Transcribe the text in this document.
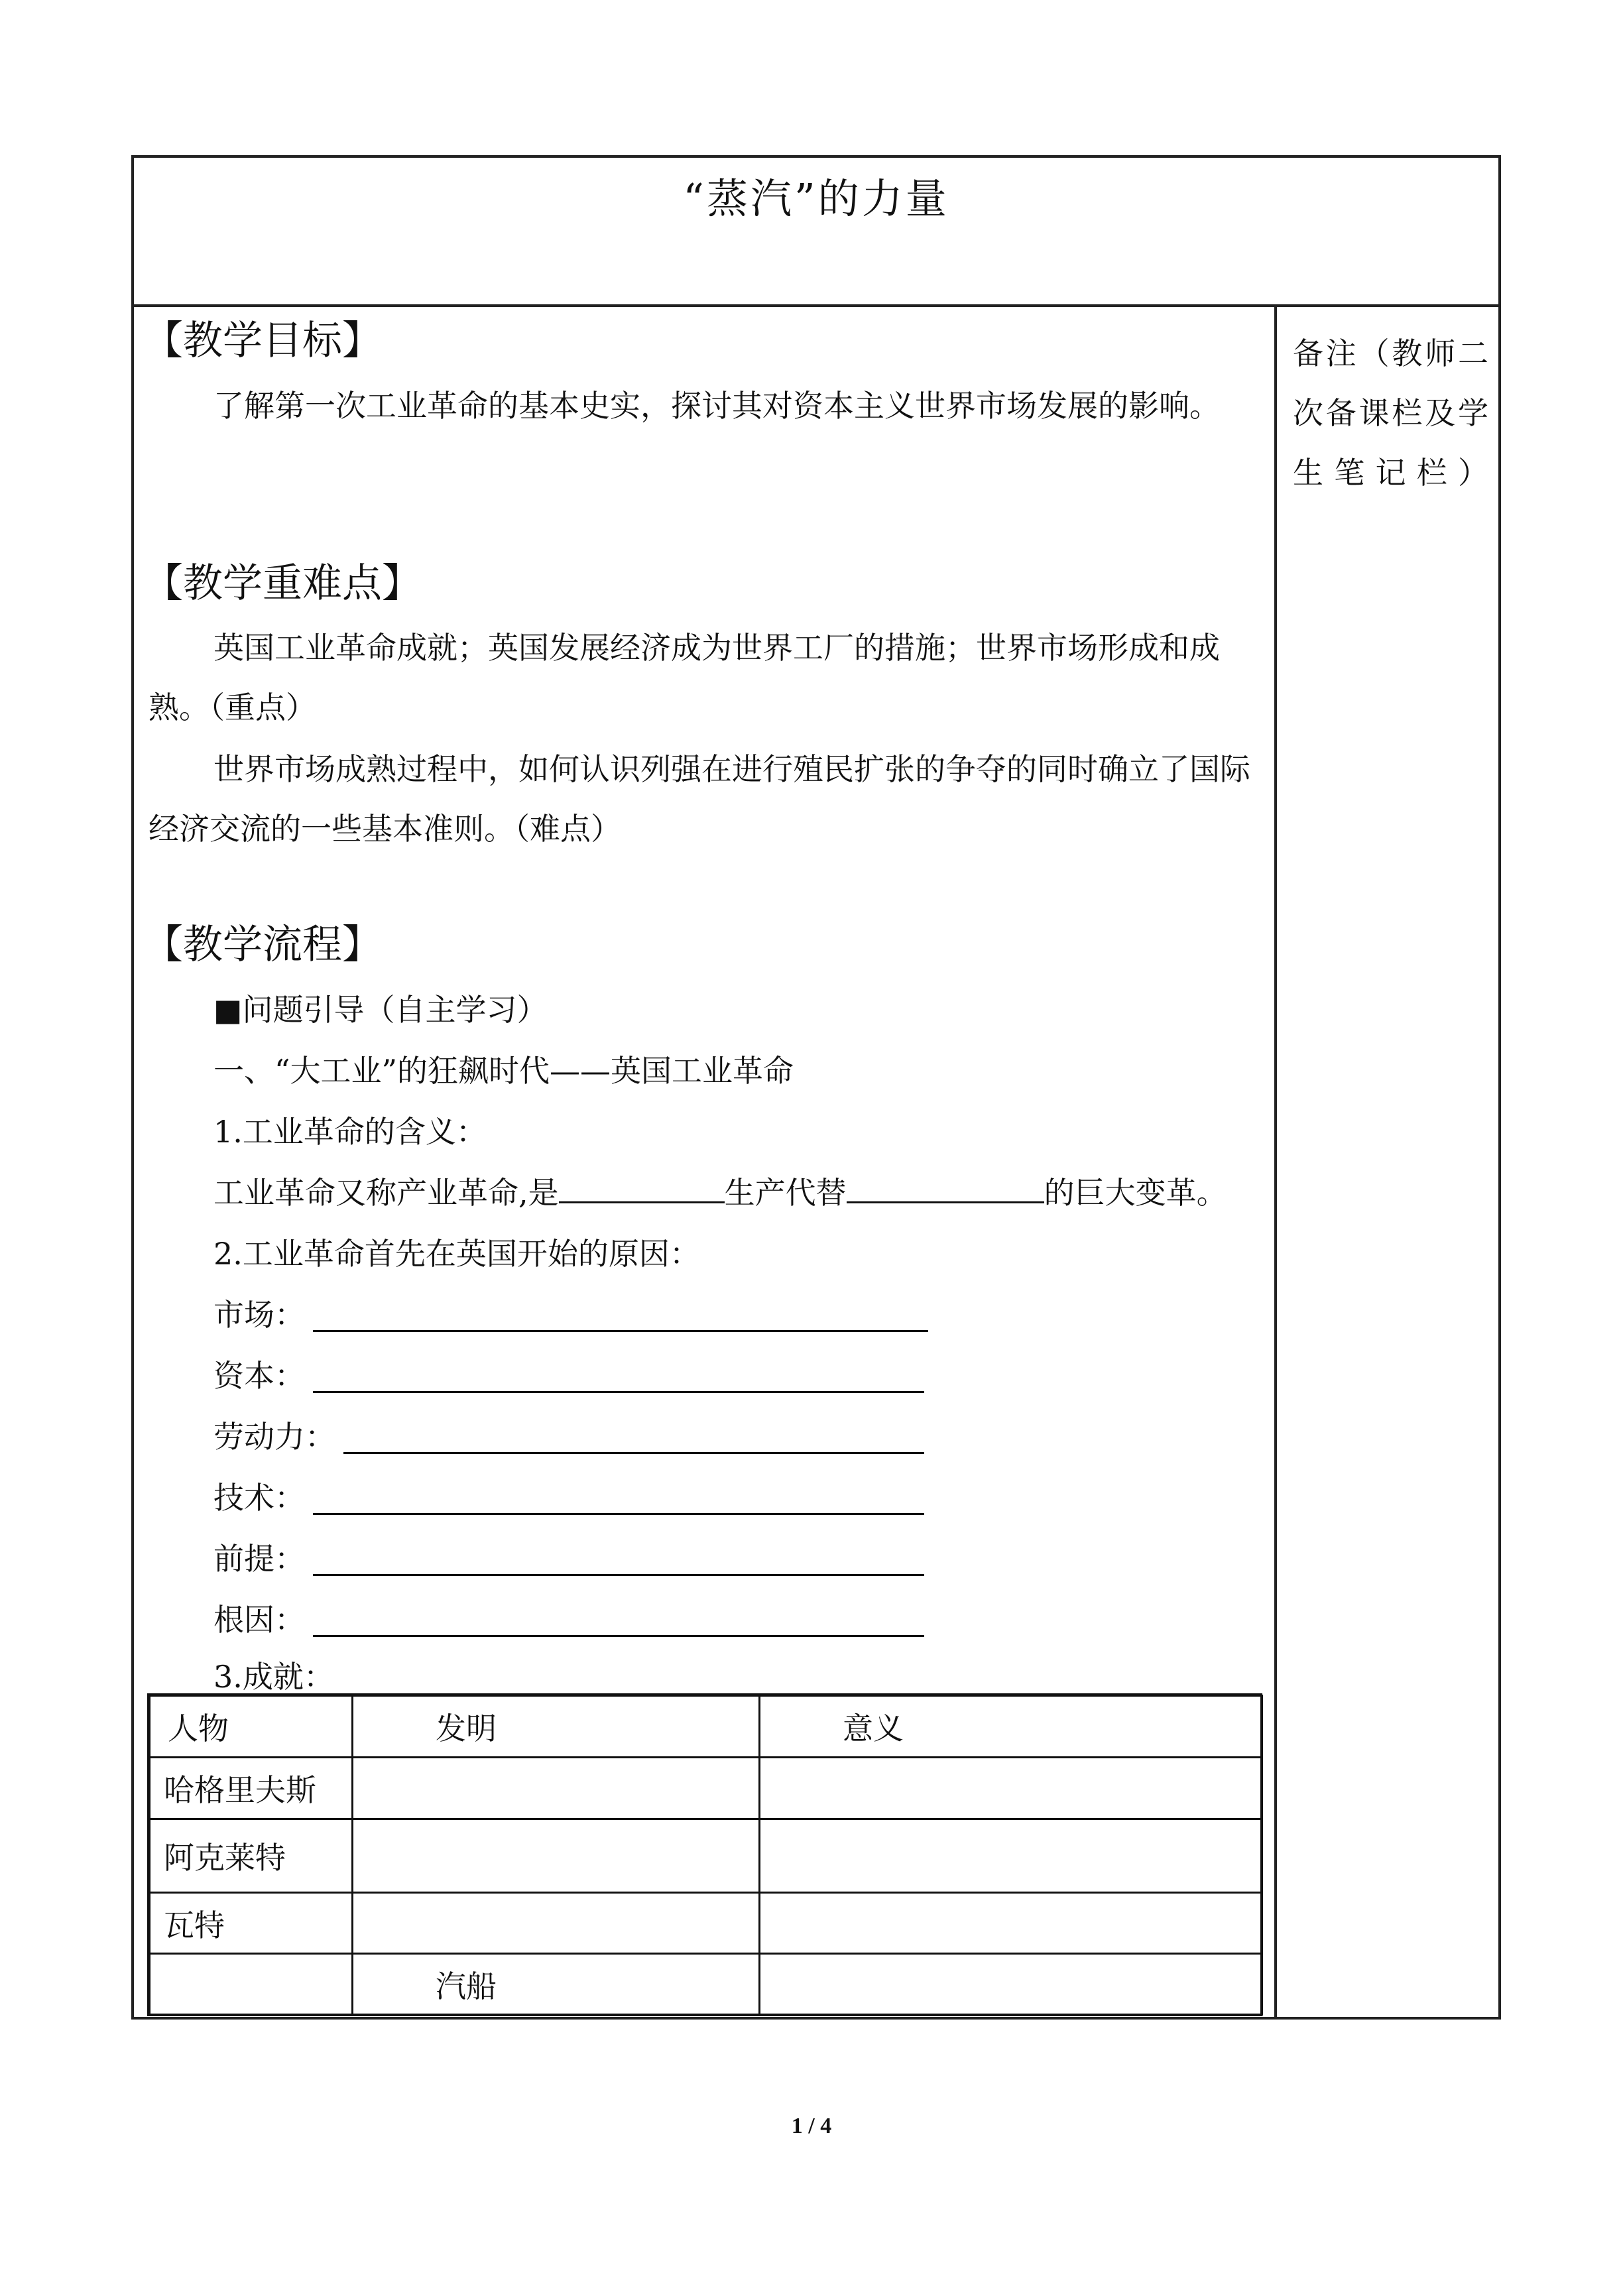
“蒸汽”的力量
备注（教师二次备课栏及学生笔记栏）
【教学目标】
了解第一次工业革命的基本史实，探讨其对资本主义世界市场发展的影响。
【教学重难点】
英国工业革命成就；英国发展经济成为世界工厂的措施；世界市场形成和成熟。（重点）
世界市场成熟过程中，如何认识列强在进行殖民扩张的争夺的同时确立了国际经济交流的一些基本准则。（难点）
【教学流程】
■问题引导（自主学习）
一、“大工业”的狂飙时代——英国工业革命
1.工业革命的含义：
工业革命又称产业革命,是	生产代替	的巨大变革。
2.工业革命首先在英国开始的原因：
市场：
资本：
劳动力：
技术：
前提：
根因：
3.成就：
人物	发明	意义
哈格里夫斯		
阿克莱特		
瓦特		
	汽船	
1 / 4
